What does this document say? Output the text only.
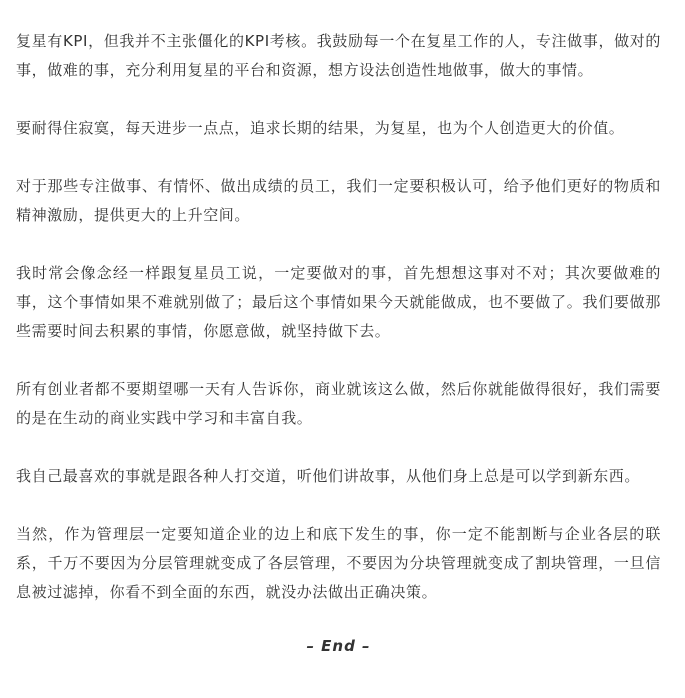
复星有KPI，但我并不主张僵化的KPI考核。我鼓励每一个在复星工作的人，专注做事，做对的事，做难的事，充分利用复星的平台和资源，想方设法创造性地做事，做大的事情。

要耐得住寂寞，每天进步一点点，追求长期的结果，为复星，也为个人创造更大的价值。

对于那些专注做事、有情怀、做出成绩的员工，我们一定要积极认可，给予他们更好的物质和精神激励，提供更大的上升空间。

我时常会像念经一样跟复星员工说，一定要做对的事，首先想想这事对不对；其次要做难的事，这个事情如果不难就别做了；最后这个事情如果今天就能做成，也不要做了。我们要做那些需要时间去积累的事情，你愿意做，就坚持做下去。

所有创业者都不要期望哪一天有人告诉你，商业就该这么做，然后你就能做得很好，我们需要的是在生动的商业实践中学习和丰富自我。

我自己最喜欢的事就是跟各种人打交道，听他们讲故事，从他们身上总是可以学到新东西。

当然，作为管理层一定要知道企业的边上和底下发生的事，你一定不能割断与企业各层的联系，千万不要因为分层管理就变成了各层管理，不要因为分块管理就变成了割块管理，一旦信息被过滤掉，你看不到全面的东西，就没办法做出正确决策。

– End –
